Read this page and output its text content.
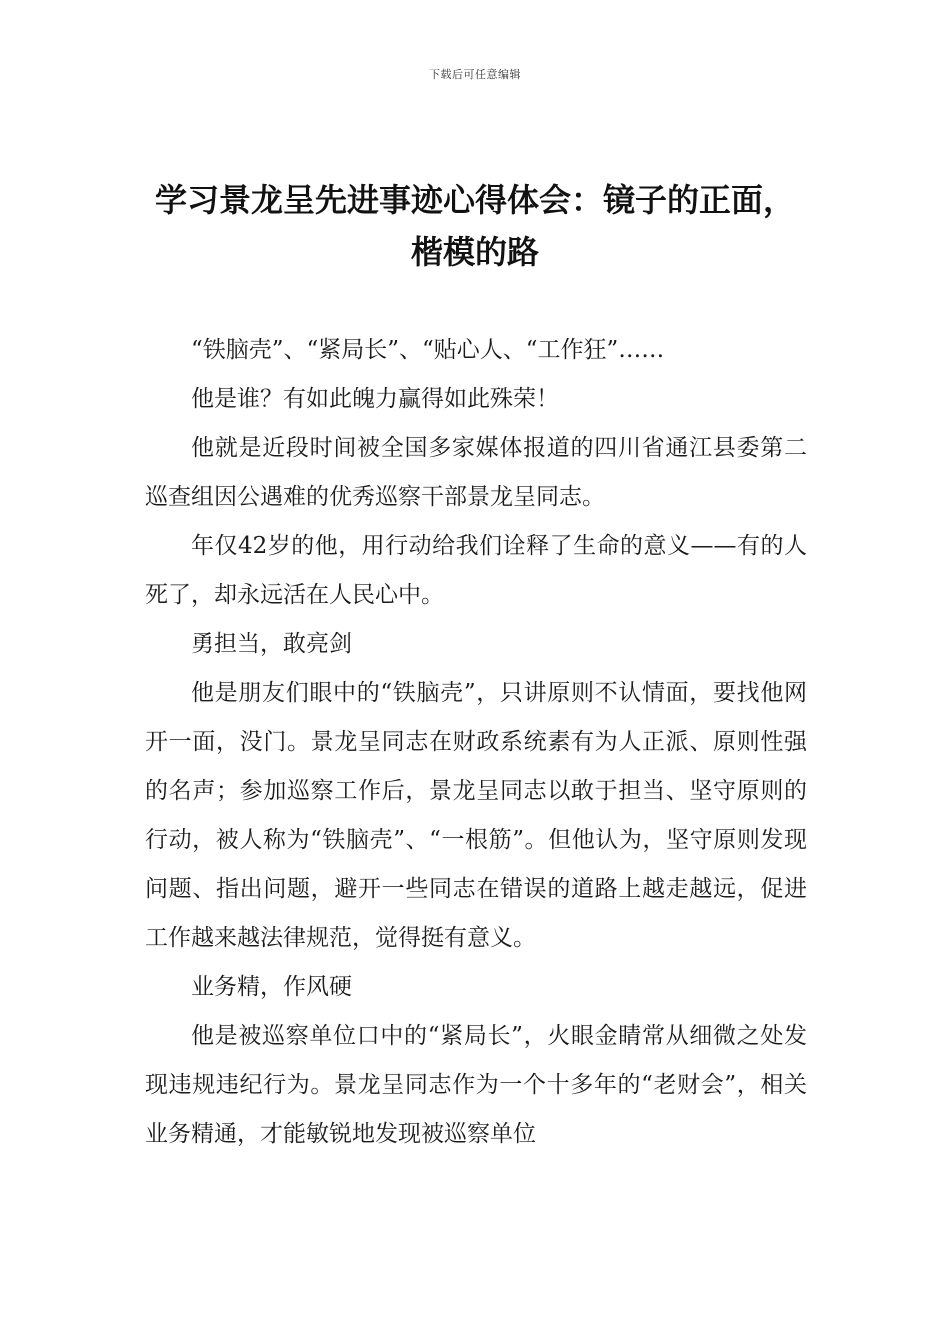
下载后可任意编辑
学习景龙呈先进事迹心得体会：镜子的正面，楷模的路

“铁脑壳”、“紧局长”、“贴心人、“工作狂”……

他是谁？有如此魄力赢得如此殊荣！

他就是近段时间被全国多家媒体报道的四川省通江县委第二巡查组因公遇难的优秀巡察干部景龙呈同志。

年仅42岁的他，用行动给我们诠释了生命的意义——有的人死了，却永远活在人民心中。

勇担当，敢亮剑

他是朋友们眼中的“铁脑壳”，只讲原则不认情面，要找他网开一面，没门。景龙呈同志在财政系统素有为人正派、原则性强的名声；参加巡察工作后，景龙呈同志以敢于担当、坚守原则的行动，被人称为“铁脑壳”、“一根筋”。但他认为，坚守原则发现问题、指出问题，避开一些同志在错误的道路上越走越远，促进工作越来越法律规范，觉得挺有意义。

业务精，作风硬

他是被巡察单位口中的“紧局长”，火眼金睛常从细微之处发现违规违纪行为。景龙呈同志作为一个十多年的“老财会”，相关业务精通，才能敏锐地发现被巡察单位
